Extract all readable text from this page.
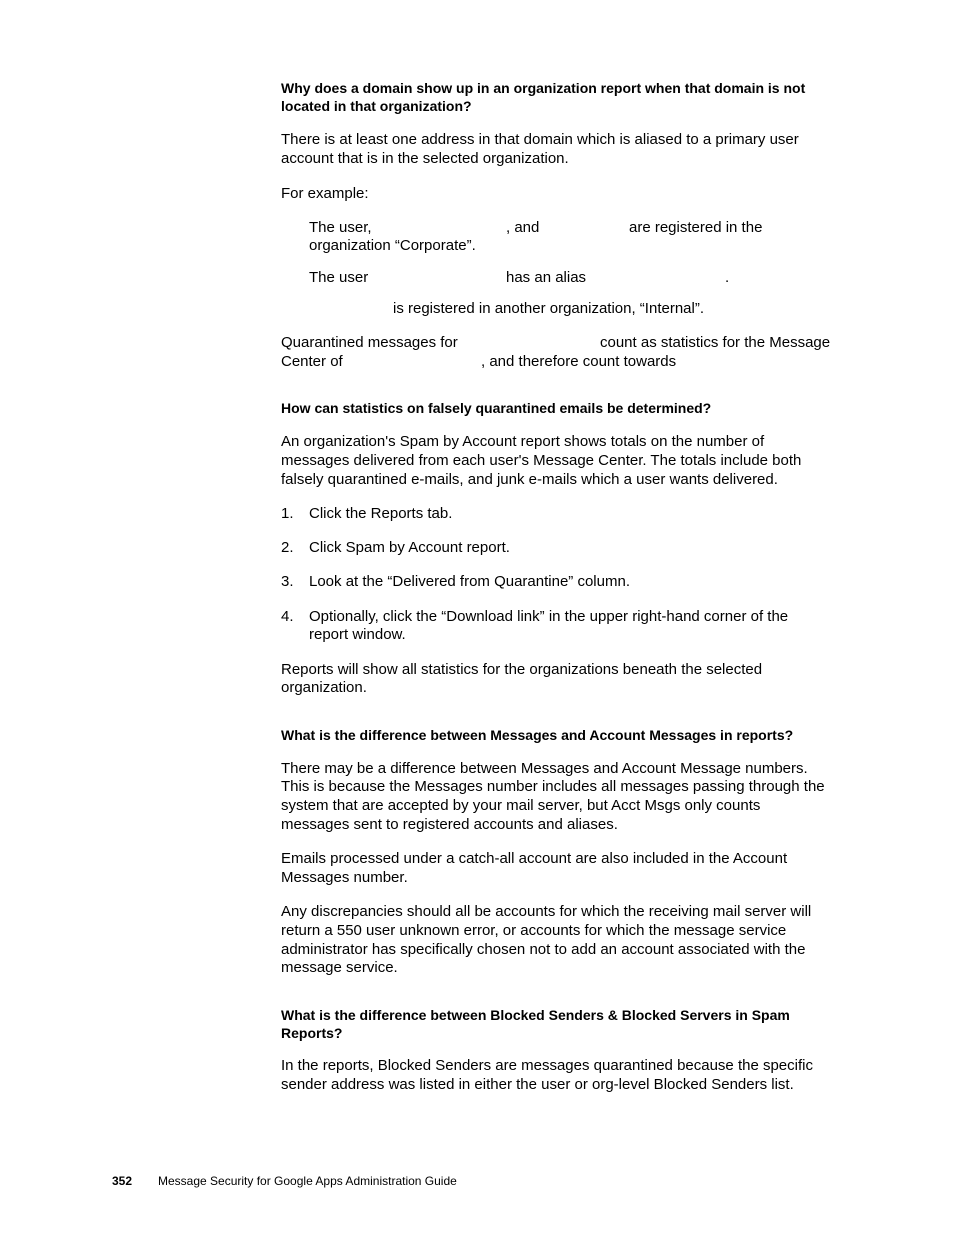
Why does a domain show up in an organization report when that domain is not
located in that organization?
There is at least one address in that domain which is aliased to a primary user
account that is in the selected organization.
For example:
The user,	, and	are registered in the
organization “Corporate”.
The user	has an alias	.
is registered in another organization, “Internal”.
Quarantined messages for	count as statistics for the Message
Center of	, and therefore count towards
How can statistics on falsely quarantined emails be determined?
An organization's Spam by Account report shows totals on the number of
messages delivered from each user's Message Center. The totals include both
falsely quarantined e-mails, and junk e-mails which a user wants delivered.
1. Click the Reports tab.
2. Click Spam by Account report.
3. Look at the “Delivered from Quarantine” column.
4. Optionally, click the “Download link” in the upper right-hand corner of the
report window.
Reports will show all statistics for the organizations beneath the selected
organization.
What is the difference between Messages and Account Messages in reports?
There may be a difference between Messages and Account Message numbers.
This is because the Messages number includes all messages passing through the
system that are accepted by your mail server, but Acct Msgs only counts
messages sent to registered accounts and aliases.
Emails processed under a catch-all account are also included in the Account
Messages number.
Any discrepancies should all be accounts for which the receiving mail server will
return a 550 user unknown error, or accounts for which the message service
administrator has specifically chosen not to add an account associated with the
message service.
What is the difference between Blocked Senders & Blocked Servers in Spam
Reports?
In the reports, Blocked Senders are messages quarantined because the specific
sender address was listed in either the user or org-level Blocked Senders list.
352 Message Security for Google Apps Administration Guide
